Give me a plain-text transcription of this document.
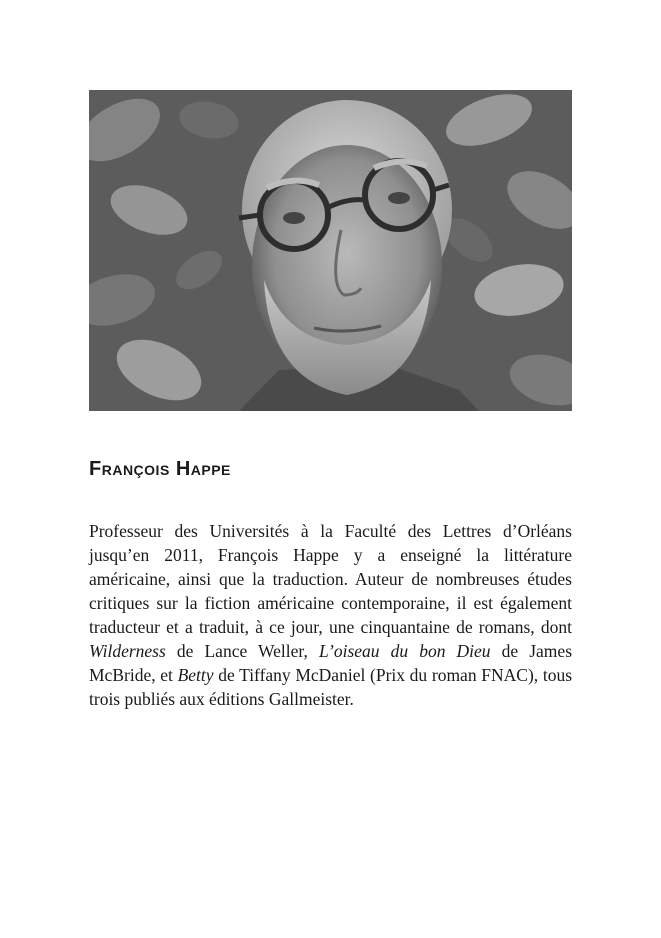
François Happe

Professeur des Universités à la Faculté des Lettres d’Orléans jusqu’en 2011, François Happe y a enseigné la littérature américaine, ainsi que la traduction. Auteur de nombreuses études critiques sur la fiction américaine contemporaine, il est également traducteur et a traduit, à ce jour, une cinquantaine de romans, dont Wilderness de Lance Weller, L’oiseau du bon Dieu de James McBride, et Betty de Tiffany McDaniel (Prix du roman FNAC), tous trois publiés aux éditions Gallmeister.
